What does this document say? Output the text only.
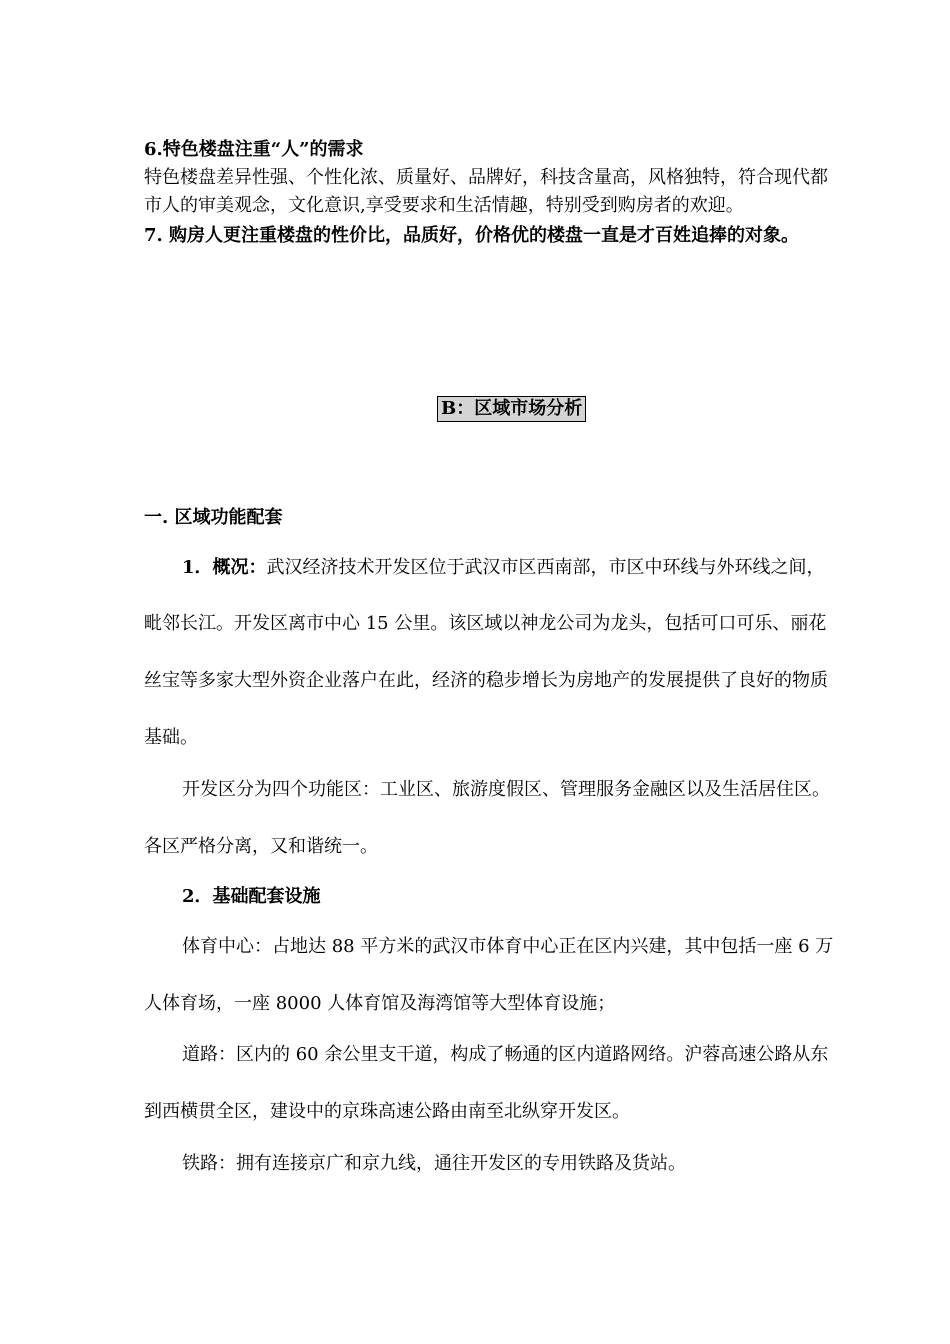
6.特色楼盘注重“人”的需求
特色楼盘差异性强、个性化浓、质量好、品牌好，科技含量高，风格独特，符合现代都
市人的审美观念，文化意识,享受要求和生活情趣，特别受到购房者的欢迎。
7. 购房人更注重楼盘的性价比，品质好，价格优的楼盘一直是才百姓追捧的对象。
B：区域市场分析
一. 区域功能配套
1．概况：武汉经济技术开发区位于武汉市区西南部，市区中环线与外环线之间，
毗邻长江。开发区离市中心 15 公里。该区域以神龙公司为龙头，包括可口可乐、丽花
丝宝等多家大型外资企业落户在此，经济的稳步增长为房地产的发展提供了良好的物质
基础。
开发区分为四个功能区：工业区、旅游度假区、管理服务金融区以及生活居住区。
各区严格分离，又和谐统一。
2．基础配套设施
体育中心：占地达 88 平方米的武汉市体育中心正在区内兴建，其中包括一座 6 万
人体育场，一座 8000 人体育馆及海湾馆等大型体育设施；
道路：区内的 60 余公里支干道，构成了畅通的区内道路网络。沪蓉高速公路从东
到西横贯全区，建设中的京珠高速公路由南至北纵穿开发区。
铁路：拥有连接京广和京九线，通往开发区的专用铁路及货站。
